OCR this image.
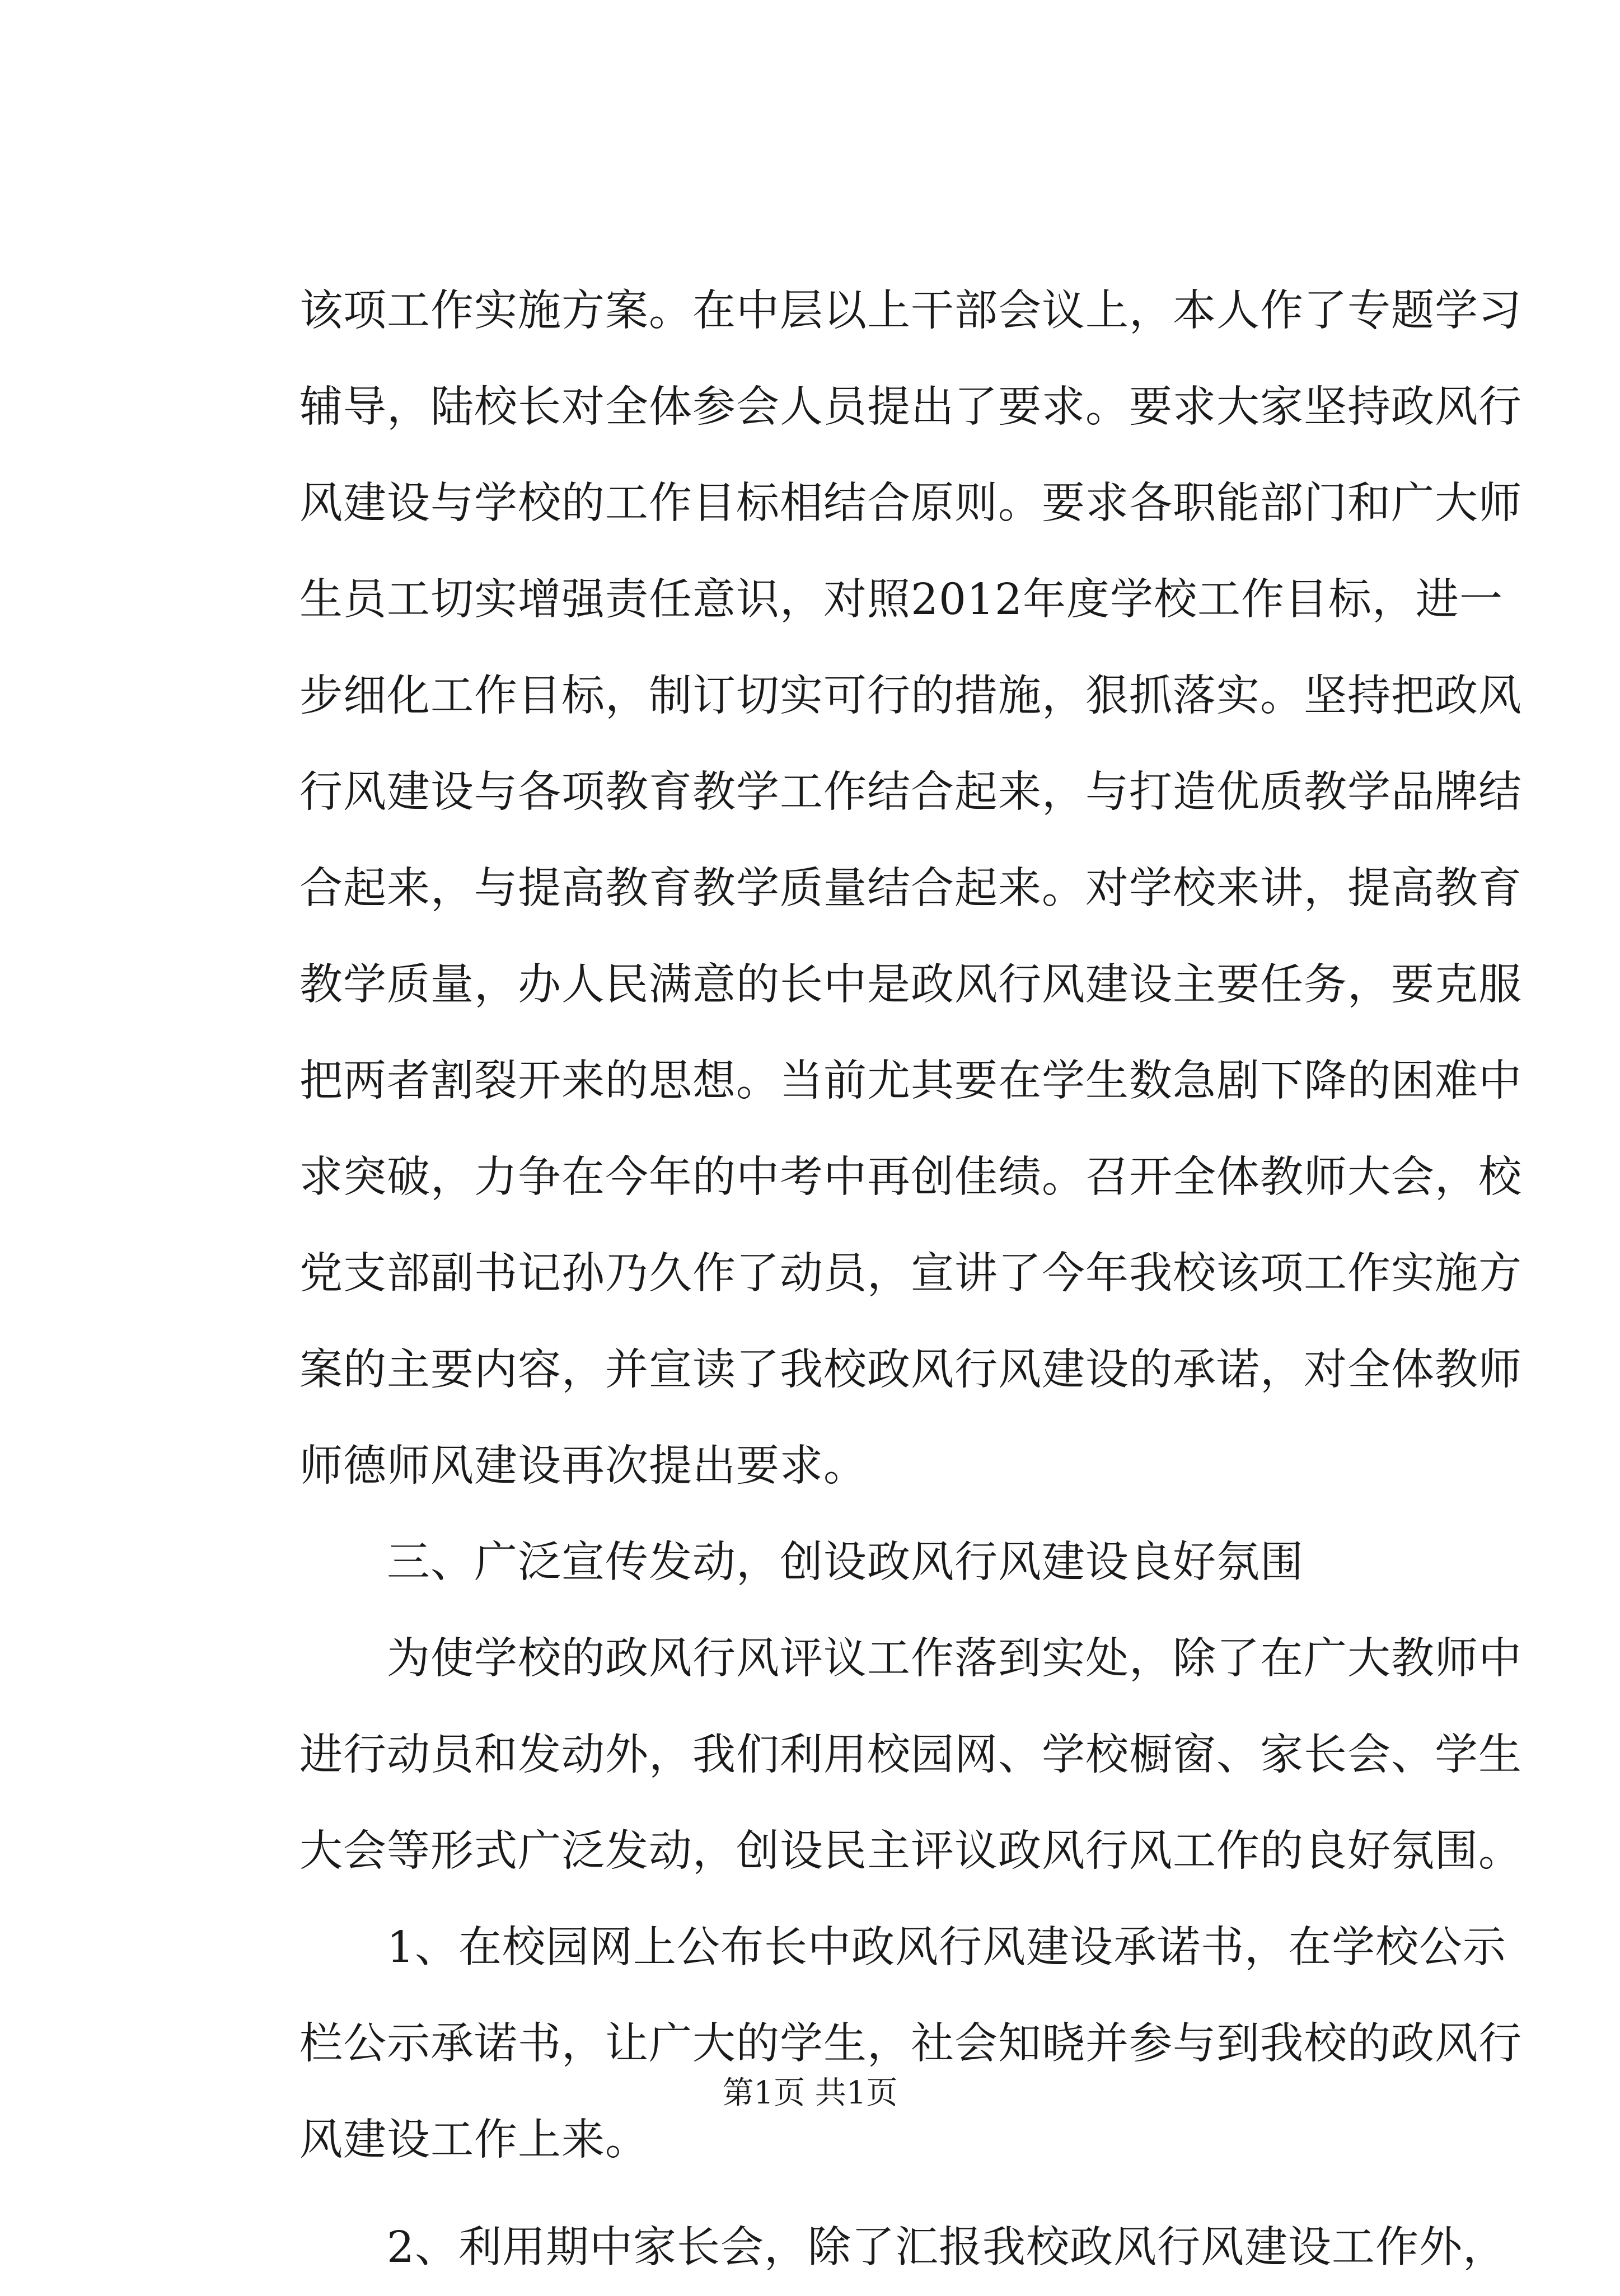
该项工作实施方案。在中层以上干部会议上，本人作了专题学习
辅导，陆校长对全体参会人员提出了要求。要求大家坚持政风行
风建设与学校的工作目标相结合原则。要求各职能部门和广大师
生员工切实增强责任意识，对照2012年度学校工作目标，进一
步细化工作目标，制订切实可行的措施，狠抓落实。坚持把政风
行风建设与各项教育教学工作结合起来，与打造优质教学品牌结
合起来，与提高教育教学质量结合起来。对学校来讲，提高教育
教学质量，办人民满意的长中是政风行风建设主要任务，要克服
把两者割裂开来的思想。当前尤其要在学生数急剧下降的困难中
求突破，力争在今年的中考中再创佳绩。召开全体教师大会，校
党支部副书记孙乃久作了动员，宣讲了今年我校该项工作实施方
案的主要内容，并宣读了我校政风行风建设的承诺，对全体教师
师德师风建设再次提出要求。
三、广泛宣传发动，创设政风行风建设良好氛围
为使学校的政风行风评议工作落到实处，除了在广大教师中
进行动员和发动外，我们利用校园网、学校橱窗、家长会、学生
大会等形式广泛发动，创设民主评议政风行风工作的良好氛围。
1、在校园网上公布长中政风行风建设承诺书，在学校公示
栏公示承诺书，让广大的学生，社会知晓并参与到我校的政风行
风建设工作上来。
2、利用期中家长会，除了汇报我校政风行风建设工作外，
第1页 共1页
